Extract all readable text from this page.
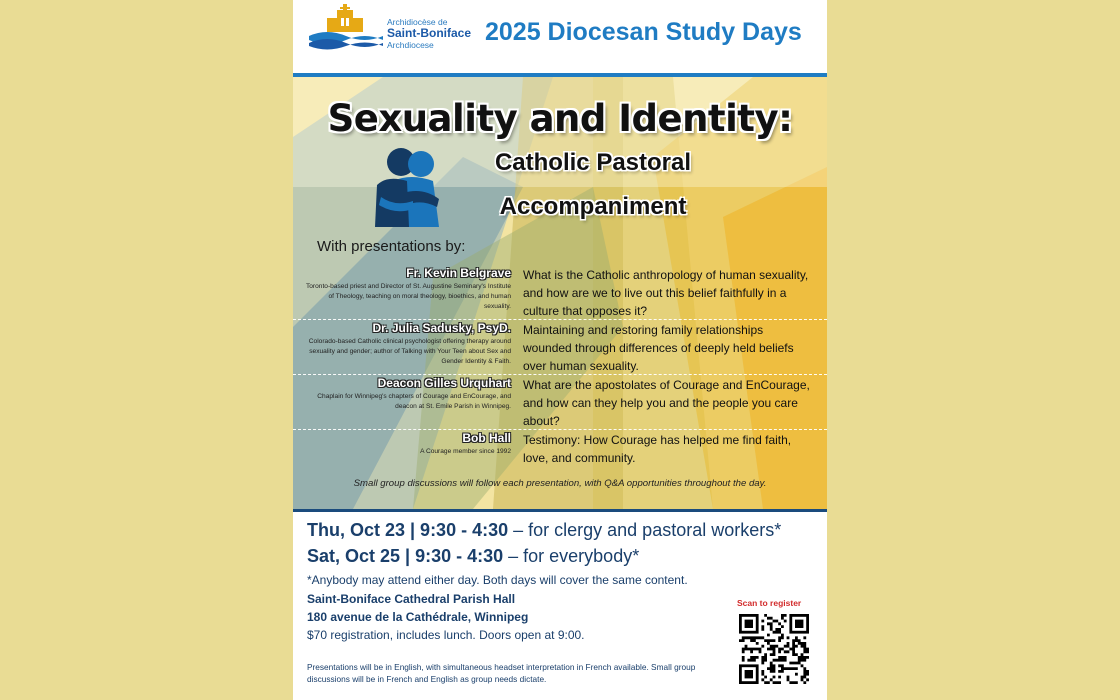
Archidiocèse de
Saint-Boniface
Archdiocese	2025 Diocesan Study Days
Sexuality and Identity:
Catholic Pastoral
Accompaniment
With presentations by:
Fr. Kevin Belgrave
Toronto-based priest and Director of St. Augustine Seminary's Institute of Theology, teaching on moral theology, bioethics, and human sexuality.
What is the Catholic anthropology of human sexuality, and how are we to live out this belief faithfully in a culture that opposes it?
Dr. Julia Sadusky, PsyD.
Colorado-based Catholic clinical psychologist offering therapy around sexuality and gender; author of Talking with Your Teen about Sex and Gender Identity & Faith.
Maintaining and restoring family relationships wounded through differences of deeply held beliefs over human sexuality.
Deacon Gilles Urquhart
Chaplain for Winnipeg's chapters of Courage and EnCourage, and deacon at St. Emile Parish in Winnipeg.
What are the apostolates of Courage and EnCourage, and how can they help you and the people you care about?
Bob Hall
A Courage member since 1992
Testimony: How Courage has helped me find faith, love, and community.
Small group discussions will follow each presentation, with Q&A opportunities throughout the day.
Thu, Oct 23 | 9:30 - 4:30 – for clergy and pastoral workers*
Sat, Oct 25 | 9:30 - 4:30 – for everybody*
*Anybody may attend either day. Both days will cover the same content.
Saint-Boniface Cathedral Parish Hall
180 avenue de la Cathédrale, Winnipeg
$70 registration, includes lunch. Doors open at 9:00.
Presentations will be in English, with simultaneous headset interpretation in French available. Small group discussions will be in French and English as group needs dictate.
Scan to register
